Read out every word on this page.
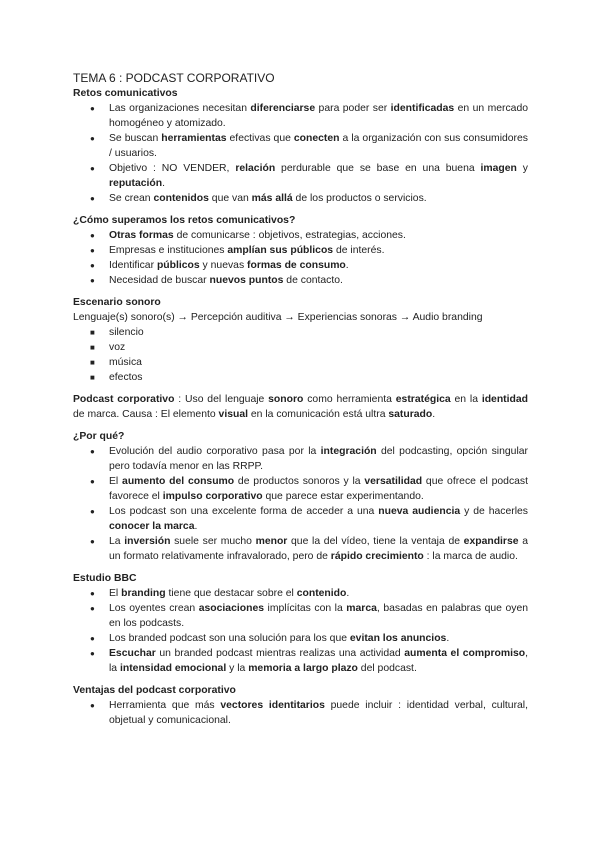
TEMA 6 : PODCAST CORPORATIVO

Retos comunicativos

● Las organizaciones necesitan diferenciarse para poder ser identificadas en un mercado homogéneo y atomizado.
● Se buscan herramientas efectivas que conecten a la organización con sus consumidores / usuarios.
● Objetivo : NO VENDER, relación perdurable que se base en una buena imagen y reputación.
● Se crean contenidos que van más allá de los productos o servicios.

¿Cómo superamos los retos comunicativos?

● Otras formas de comunicarse : objetivos, estrategias, acciones.
● Empresas e instituciones amplían sus públicos de interés.
● Identificar públicos y nuevas formas de consumo.
● Necesidad de buscar nuevos puntos de contacto.

Escenario sonoro

Lenguaje(s) sonoro(s) → Percepción auditiva → Experiencias sonoras → Audio branding

■ silencio
■ voz
■ música
■ efectos

Podcast corporativo : Uso del lenguaje sonoro como herramienta estratégica en la identidad de marca. Causa : El elemento visual en la comunicación está ultra saturado.

¿Por qué?

● Evolución del audio corporativo pasa por la integración del podcasting, opción singular pero todavía menor en las RRPP.
● El aumento del consumo de productos sonoros y la versatilidad que ofrece el podcast favorece el impulso corporativo que parece estar experimentando.
● Los podcast son una excelente forma de acceder a una nueva audiencia y de hacerles conocer la marca.
● La inversión suele ser mucho menor que la del vídeo, tiene la ventaja de expandirse a un formato relativamente infravalorado, pero de rápido crecimiento : la marca de audio.

Estudio BBC

● El branding tiene que destacar sobre el contenido.
● Los oyentes crean asociaciones implícitas con la marca, basadas en palabras que oyen en los podcasts.
● Los branded podcast son una solución para los que evitan los anuncios.
● Escuchar un branded podcast mientras realizas una actividad aumenta el compromiso, la intensidad emocional y la memoria a largo plazo del podcast.

Ventajas del podcast corporativo

● Herramienta que más vectores identitarios puede incluir : identidad verbal, cultural, objetual y comunicacional.
